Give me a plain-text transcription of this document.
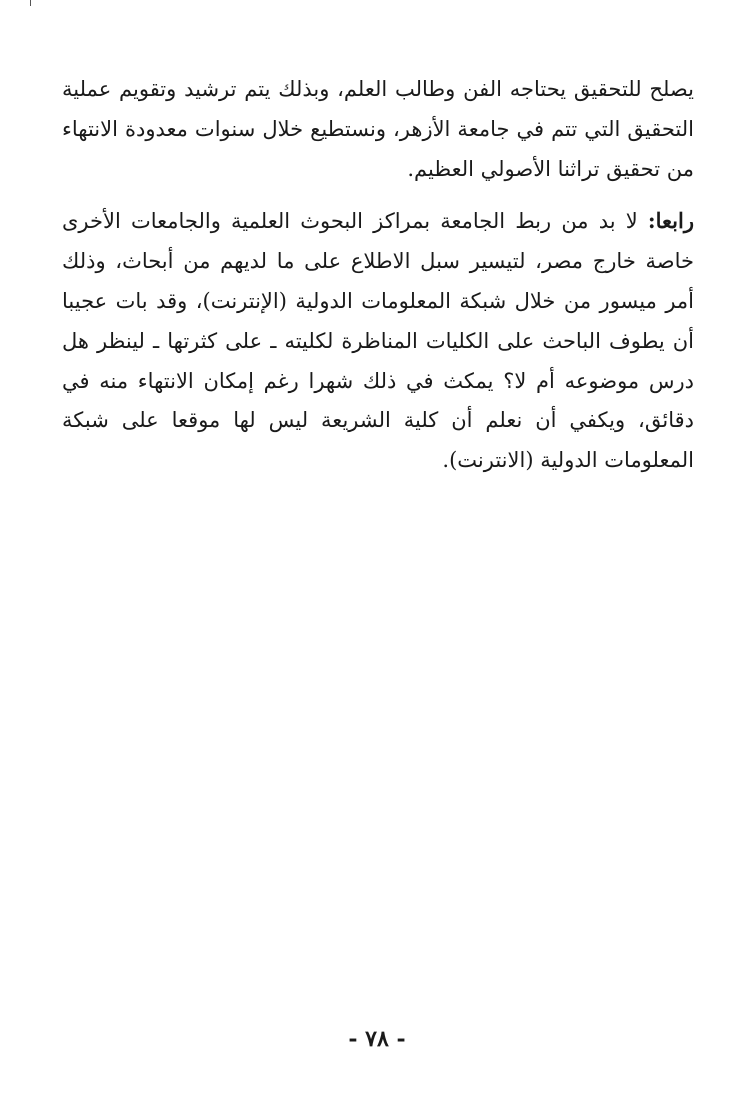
يصلح للتحقيق يحتاجه الفن وطالب العلم، وبذلك يتم ترشيد وتقويم عملية التحقيق التي تتم في جامعة الأزهر، ونستطيع خلال سنوات معدودة الانتهاء من تحقيق تراثنا الأصولي العظيم.

رابعا: لا بد من ربط الجامعة بمراكز البحوث العلمية والجامعات الأخرى خاصة خارج مصر، لتيسير سبل الاطلاع على ما لديهم من أبحاث، وذلك أمر ميسور من خلال شبكة المعلومات الدولية (الإنترنت)، وقد بات عجيبا أن يطوف الباحث على الكليات المناظرة لكليته ـ على كثرتها ـ لينظر هل درس موضوعه أم لا؟ يمكث في ذلك شهرا رغم إمكان الانتهاء منه في دقائق، ويكفي أن نعلم أن كلية الشريعة ليس لها موقعا على شبكة المعلومات الدولية (الانترنت).

- ٧٨ -
